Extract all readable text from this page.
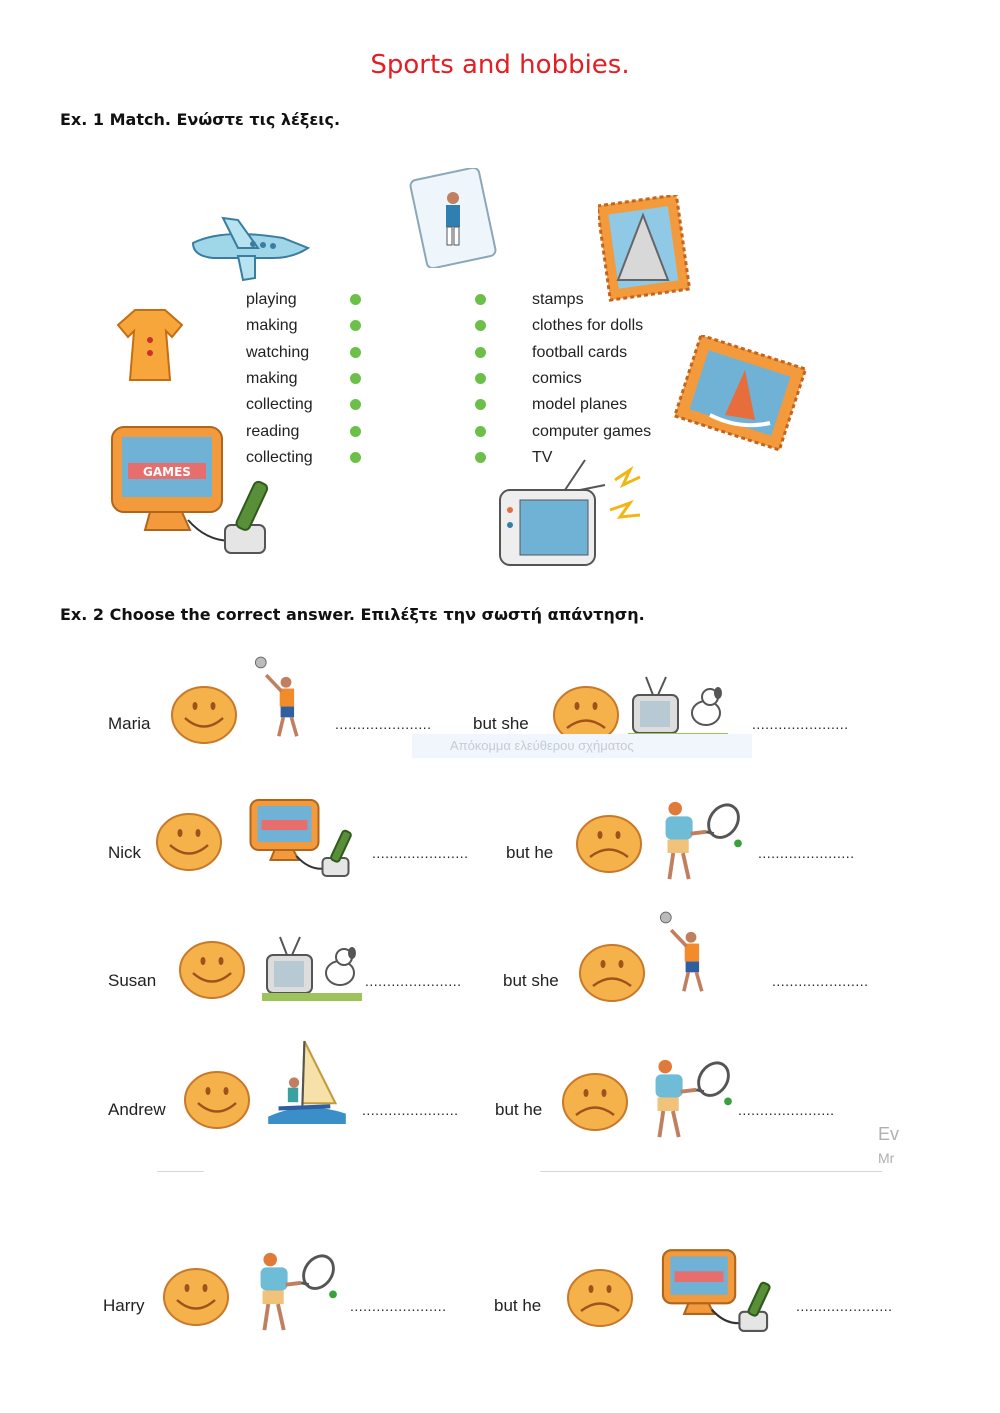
Sports and hobbies.
Ex. 1 Match. Ενώστε τις λέξεις.
GAMES
playing
making
watching
making
collecting
reading
collecting
stamps
clothes for dolls
football cards
comics
model planes
computer games
TV
Ex. 2 Choose the correct answer. Επιλέξτε την σωστή απάντηση.
Maria	...................... but she	......................
Απόκομμα ελεύθερου σχήματος
Nick	...................... but he	......................
Susan	...................... but she	......................
Andrew	...................... but he	......................
Ev
Mr
Harry	......................	but he	......................
